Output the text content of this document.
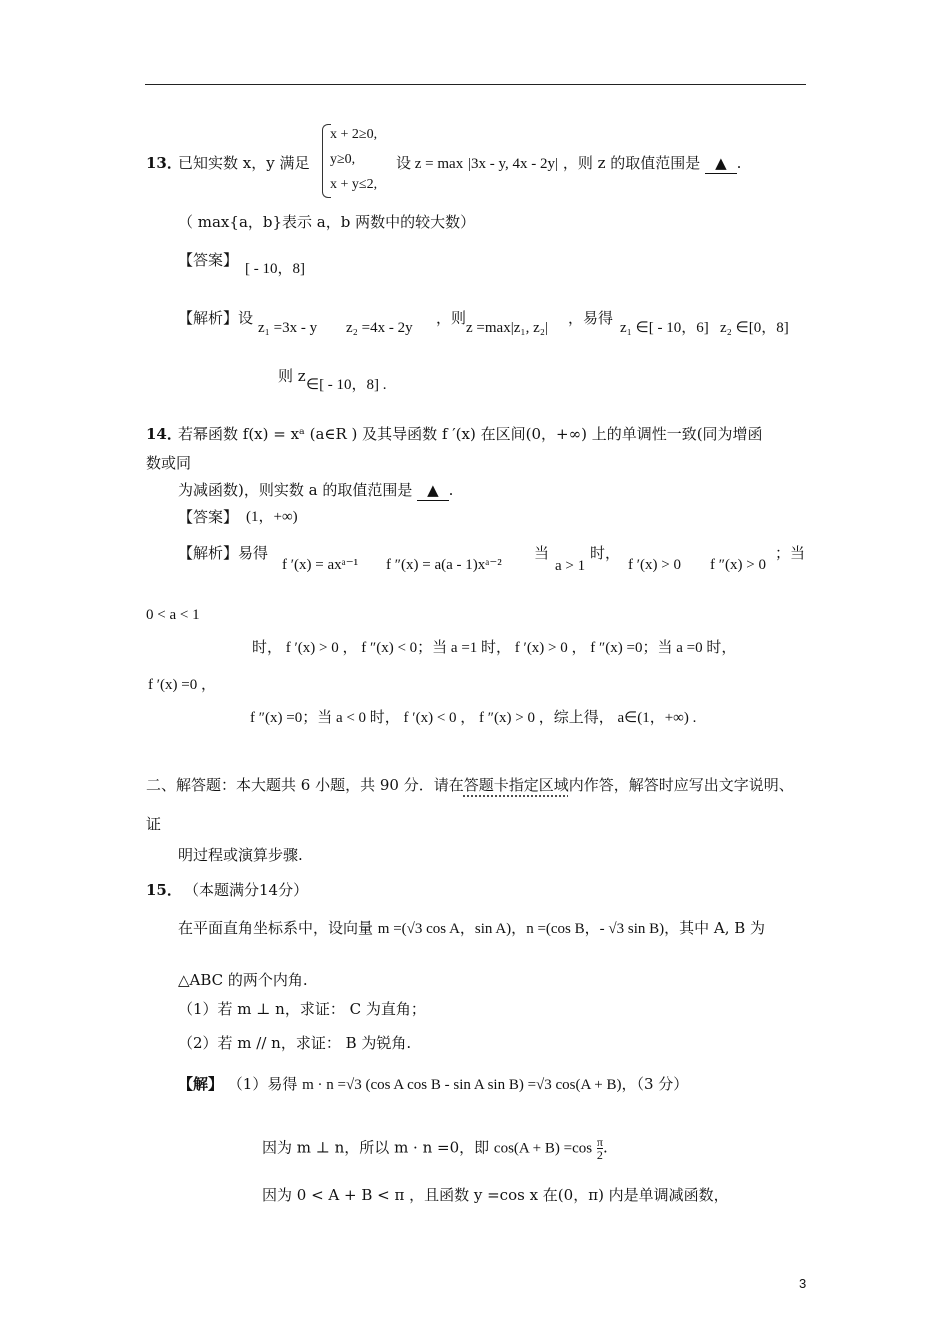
13．
已知实数 x，y 满足
x + 2≥0,
y≥0,
x + y≤2,
设 z = max |3x - y, 4x - 2y| ，则 z 的取值范围是 ▲ .
（ max{a，b}表示 a，b 两数中的较大数）
【答案】 [ - 10，8]
【解析】设
z₁ =3x - y z₂ =4x - 2y
，则
z =max|z₁, z₂|
，易得
z₁ ∈[ - 10，6] z₂ ∈[0，8]
则 z ∈[ - 10，8] .
14．
若幂函数 f(x) = xᵃ (a∈R ) 及其导函数 f ′(x) 在区间(0，+∞) 上的单调性一致(同为增函
数或同
为减函数)，则实数 a 的取值范围是 ▲ .
【答案】 (1，+∞)
【解析】易得
f ′(x) = axᵃ⁻¹ f ″(x) = a(a - 1)xᵃ⁻²
当
a > 1
时，
f ′(x) > 0 f ″(x) > 0
；当
0 < a < 1
时， f ′(x) > 0 ， f ″(x) < 0；当 a =1 时， f ′(x) > 0 ， f ″(x) =0；当 a =0 时，
f ′(x) =0 ，
f ″(x) =0；当 a < 0 时， f ′(x) < 0 ， f ″(x) > 0 ，综上得， a∈(1，+∞) .
二、解答题：本大题共 6 小题，共 90 分．请在答题卡指定区域内作答，解答时应写出文字说明、
证
明过程或演算步骤.
15． （本题满分14分）
在平面直角坐标系中，设向量 m =(√3 cos A，sin A)，n =(cos B，- √3 sin B)，其中 A, B 为
△ABC 的两个内角.
（1）若 m ⊥ n，求证： C 为直角；
（2）若 m // n，求证： B 为锐角.
【解】 （1）易得 m · n =√3 (cos A cos B - sin A sin B) =√3 cos(A + B)，（3 分）
因为 m ⊥ n，所以 m · n =0，即 $\cos(A + B) =\cos \frac{\pi}{2}$ .
因为 0 < A + B < π ，且函数 y =cos x 在(0，π) 内是单调减函数，
3
